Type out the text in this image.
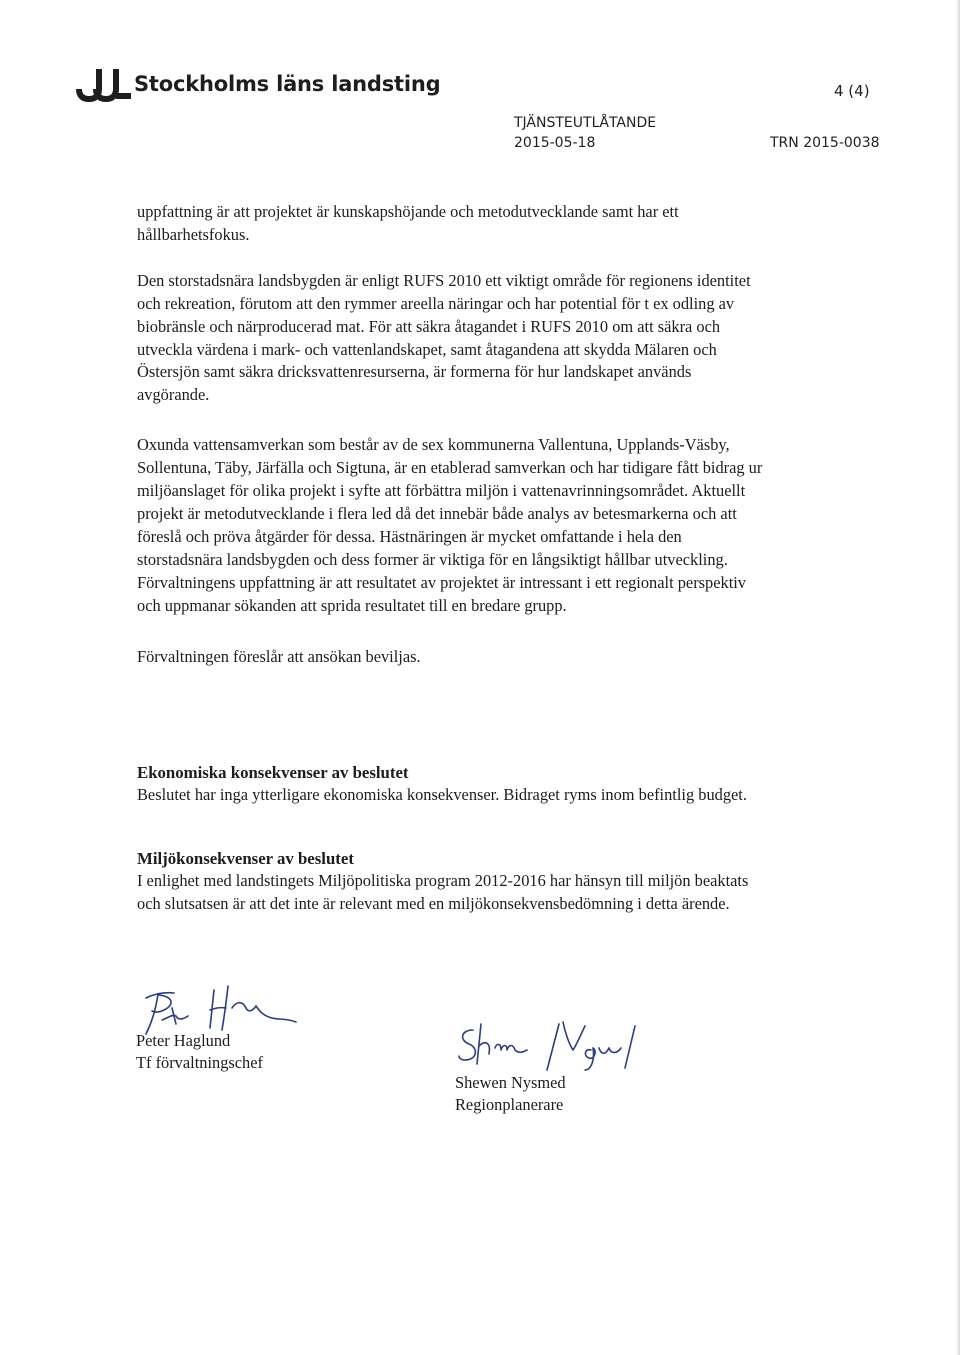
Stockholms läns landsting	4 (4)
TJÄNSTEUTLÅTANDE
2015-05-18	TRN 2015-0038

uppfattning är att projektet är kunskapshöjande och metodutvecklande samt har ett hållbarhetsfokus.

Den storstadsnära landsbygden är enligt RUFS 2010 ett viktigt område för regionens identitet och rekreation, förutom att den rymmer areella näringar och har potential för t ex odling av biobränsle och närproducerad mat. För att säkra åtagandet i RUFS 2010 om att säkra och utveckla värdena i mark- och vattenlandskapet, samt åtagandena att skydda Mälaren och Östersjön samt säkra dricksvattenresurserna, är formerna för hur landskapet används avgörande.

Oxunda vattensamverkan som består av de sex kommunerna Vallentuna, Upplands-Väsby, Sollentuna, Täby, Järfälla och Sigtuna, är en etablerad samverkan och har tidigare fått bidrag ur miljöanslaget för olika projekt i syfte att förbättra miljön i vattenavrinningsområdet. Aktuellt projekt är metodutvecklande i flera led då det innebär både analys av betesmarkerna och att föreslå och pröva åtgärder för dessa. Hästnäringen är mycket omfattande i hela den storstadsnära landsbygden och dess former är viktiga för en långsiktigt hållbar utveckling. Förvaltningens uppfattning är att resultatet av projektet är intressant i ett regionalt perspektiv och uppmanar sökanden att sprida resultatet till en bredare grupp.

Förvaltningen föreslår att ansökan beviljas.

Ekonomiska konsekvenser av beslutet

Beslutet har inga ytterligare ekonomiska konsekvenser. Bidraget ryms inom befintlig budget.

Miljökonsekvenser av beslutet

I enlighet med landstingets Miljöpolitiska program 2012-2016 har hänsyn till miljön beaktats och slutsatsen är att det inte är relevant med en miljökonsekvensbedömning i detta ärende.

Peter Haglund

Tf förvaltningschef

Shewen Nysmed

Regionplanerare
